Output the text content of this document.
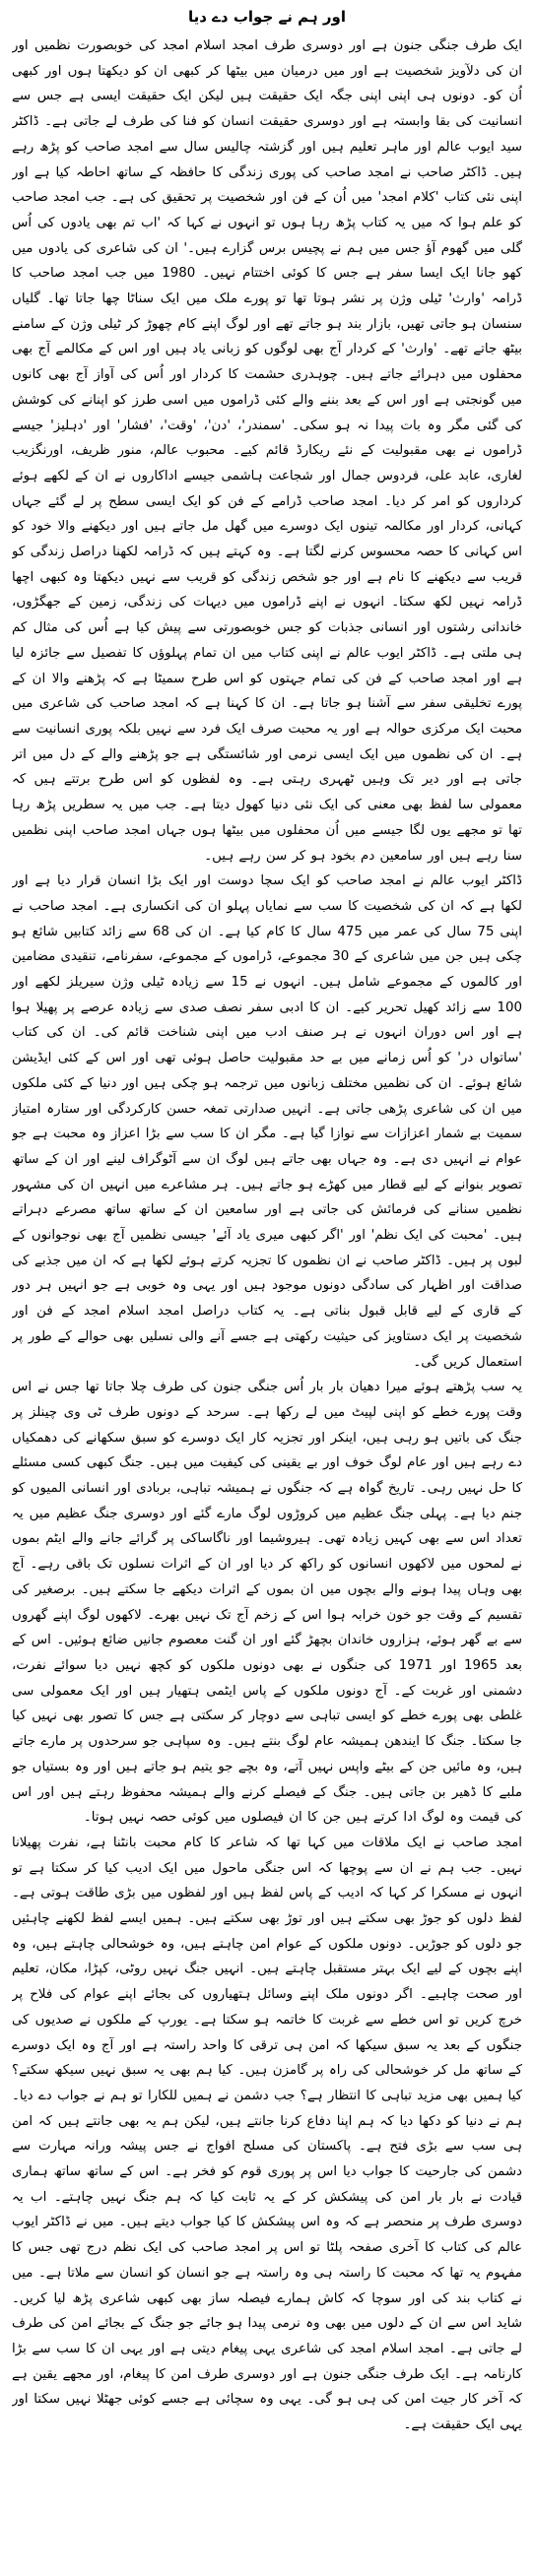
اور ہم نے جواب دے دیا

ایک طرف جنگی جنون ہے اور دوسری طرف امجد اسلام امجد کی خوبصورت نظمیں اور ان کی دلآویز شخصیت ہے اور میں درمیان میں بیٹھا کر کبھی ان کو دیکھتا ہوں اور کبھی اُن کو۔ دونوں ہی اپنی اپنی جگہ ایک حقیقت ہیں لیکن ایک حقیقت ایسی ہے جس سے انسانیت کی بقا وابستہ ہے اور دوسری حقیقت انسان کو فنا کی طرف لے جاتی ہے۔ ڈاکٹر سید ایوب عالم اور ماہر تعلیم ہیں اور گزشتہ چالیس سال سے امجد صاحب کو پڑھ رہے ہیں۔ ڈاکٹر صاحب نے امجد صاحب کی پوری زندگی کا حافظہ کے ساتھ احاطہ کیا ہے اور اپنی نئی کتاب 'کلام امجد' میں اُن کے فن اور شخصیت پر تحقیق کی ہے۔ جب امجد صاحب کو علم ہوا کہ میں یہ کتاب پڑھ رہا ہوں تو انہوں نے کہا کہ 'اب تم بھی یادوں کی اُس گلی میں گھوم آؤ جس میں ہم نے پچیس برس گزارے ہیں۔' ان کی شاعری کی یادوں میں کھو جانا ایک ایسا سفر ہے جس کا کوئی اختتام نہیں۔ 1980 میں جب امجد صاحب کا ڈرامہ 'وارث' ٹیلی وژن پر نشر ہوتا تھا تو پورے ملک میں ایک سناٹا چھا جاتا تھا۔ گلیاں سنسان ہو جاتی تھیں، بازار بند ہو جاتے تھے اور لوگ اپنے کام چھوڑ کر ٹیلی وژن کے سامنے بیٹھ جاتے تھے۔ 'وارث' کے کردار آج بھی لوگوں کو زبانی یاد ہیں اور اس کے مکالمے آج بھی محفلوں میں دہرائے جاتے ہیں۔ چوہدری حشمت کا کردار اور اُس کی آواز آج بھی کانوں میں گونجتی ہے اور اس کے بعد بننے والے کئی ڈراموں میں اسی طرز کو اپنانے کی کوشش کی گئی مگر وہ بات پیدا نہ ہو سکی۔ 'سمندر'، 'دن'، 'وقت'، 'فشار' اور 'دہلیز' جیسے ڈراموں نے بھی مقبولیت کے نئے ریکارڈ قائم کیے۔ محبوب عالم، منور ظریف، اورنگزیب لغاری، عابد علی، فردوس جمال اور شجاعت ہاشمی جیسے اداکاروں نے ان کے لکھے ہوئے کرداروں کو امر کر دیا۔ امجد صاحب ڈرامے کے فن کو ایک ایسی سطح پر لے گئے جہاں کہانی، کردار اور مکالمہ تینوں ایک دوسرے میں گھل مل جاتے ہیں اور دیکھنے والا خود کو اس کہانی کا حصہ محسوس کرنے لگتا ہے۔ وہ کہتے ہیں کہ ڈرامہ لکھنا دراصل زندگی کو قریب سے دیکھنے کا نام ہے اور جو شخص زندگی کو قریب سے نہیں دیکھتا وہ کبھی اچھا ڈرامہ نہیں لکھ سکتا۔ انہوں نے اپنے ڈراموں میں دیہات کی زندگی، زمین کے جھگڑوں، خاندانی رشتوں اور انسانی جذبات کو جس خوبصورتی سے پیش کیا ہے اُس کی مثال کم ہی ملتی ہے۔ ڈاکٹر ایوب عالم نے اپنی کتاب میں ان تمام پہلوؤں کا تفصیل سے جائزہ لیا ہے اور امجد صاحب کے فن کی تمام جہتوں کو اس طرح سمیٹا ہے کہ پڑھنے والا ان کے پورے تخلیقی سفر سے آشنا ہو جاتا ہے۔ ان کا کہنا ہے کہ امجد صاحب کی شاعری میں محبت ایک مرکزی حوالہ ہے اور یہ محبت صرف ایک فرد سے نہیں بلکہ پوری انسانیت سے ہے۔ ان کی نظموں میں ایک ایسی نرمی اور شائستگی ہے جو پڑھنے والے کے دل میں اتر جاتی ہے اور دیر تک وہیں ٹھہری رہتی ہے۔ وہ لفظوں کو اس طرح برتتے ہیں کہ معمولی سا لفظ بھی معنی کی ایک نئی دنیا کھول دیتا ہے۔ جب میں یہ سطریں پڑھ رہا تھا تو مجھے یوں لگا جیسے میں اُن محفلوں میں بیٹھا ہوں جہاں امجد صاحب اپنی نظمیں سنا رہے ہیں اور سامعین دم بخود ہو کر سن رہے ہیں۔

ڈاکٹر ایوب عالم نے امجد صاحب کو ایک سچا دوست اور ایک بڑا انسان قرار دیا ہے اور لکھا ہے کہ ان کی شخصیت کا سب سے نمایاں پہلو ان کی انکساری ہے۔ امجد صاحب نے اپنی 75 سال کی عمر میں 475 سال کا کام کیا ہے۔ ان کی 68 سے زائد کتابیں شائع ہو چکی ہیں جن میں شاعری کے 30 مجموعے، ڈراموں کے مجموعے، سفرنامے، تنقیدی مضامین اور کالموں کے مجموعے شامل ہیں۔ انہوں نے 15 سے زیادہ ٹیلی وژن سیریلز لکھے اور 100 سے زائد کھیل تحریر کیے۔ ان کا ادبی سفر نصف صدی سے زیادہ عرصے پر پھیلا ہوا ہے اور اس دوران انہوں نے ہر صنف ادب میں اپنی شناخت قائم کی۔ ان کی کتاب 'ساتواں در' کو اُس زمانے میں بے حد مقبولیت حاصل ہوئی تھی اور اس کے کئی ایڈیشن شائع ہوئے۔ ان کی نظمیں مختلف زبانوں میں ترجمہ ہو چکی ہیں اور دنیا کے کئی ملکوں میں ان کی شاعری پڑھی جاتی ہے۔ انہیں صدارتی تمغہ حسن کارکردگی اور ستارہ امتیاز سمیت بے شمار اعزازات سے نوازا گیا ہے۔ مگر ان کا سب سے بڑا اعزاز وہ محبت ہے جو عوام نے انہیں دی ہے۔ وہ جہاں بھی جاتے ہیں لوگ ان سے آٹوگراف لینے اور ان کے ساتھ تصویر بنوانے کے لیے قطار میں کھڑے ہو جاتے ہیں۔ ہر مشاعرے میں انہیں ان کی مشہور نظمیں سنانے کی فرمائش کی جاتی ہے اور سامعین ان کے ساتھ ساتھ مصرعے دہراتے ہیں۔ 'محبت کی ایک نظم' اور 'اگر کبھی میری یاد آئے' جیسی نظمیں آج بھی نوجوانوں کے لبوں پر ہیں۔ ڈاکٹر صاحب نے ان نظموں کا تجزیہ کرتے ہوئے لکھا ہے کہ ان میں جذبے کی صداقت اور اظہار کی سادگی دونوں موجود ہیں اور یہی وہ خوبی ہے جو انہیں ہر دور کے قاری کے لیے قابل قبول بناتی ہے۔ یہ کتاب دراصل امجد اسلام امجد کے فن اور شخصیت پر ایک دستاویز کی حیثیت رکھتی ہے جسے آنے والی نسلیں بھی حوالے کے طور پر استعمال کریں گی۔

یہ سب پڑھتے ہوئے میرا دھیان بار بار اُس جنگی جنون کی طرف چلا جاتا تھا جس نے اس وقت پورے خطے کو اپنی لپیٹ میں لے رکھا ہے۔ سرحد کے دونوں طرف ٹی وی چینلز پر جنگ کی باتیں ہو رہی ہیں، اینکر اور تجزیہ کار ایک دوسرے کو سبق سکھانے کی دھمکیاں دے رہے ہیں اور عام لوگ خوف اور بے یقینی کی کیفیت میں ہیں۔ جنگ کبھی کسی مسئلے کا حل نہیں رہی۔ تاریخ گواہ ہے کہ جنگوں نے ہمیشہ تباہی، بربادی اور انسانی المیوں کو جنم دیا ہے۔ پہلی جنگ عظیم میں کروڑوں لوگ مارے گئے اور دوسری جنگ عظیم میں یہ تعداد اس سے بھی کہیں زیادہ تھی۔ ہیروشیما اور ناگاساکی پر گرائے جانے والے ایٹم بموں نے لمحوں میں لاکھوں انسانوں کو راکھ کر دیا اور ان کے اثرات نسلوں تک باقی رہے۔ آج بھی وہاں پیدا ہونے والے بچوں میں ان بموں کے اثرات دیکھے جا سکتے ہیں۔ برصغیر کی تقسیم کے وقت جو خون خرابہ ہوا اس کے زخم آج تک نہیں بھرے۔ لاکھوں لوگ اپنے گھروں سے بے گھر ہوئے، ہزاروں خاندان بچھڑ گئے اور ان گنت معصوم جانیں ضائع ہوئیں۔ اس کے بعد 1965 اور 1971 کی جنگوں نے بھی دونوں ملکوں کو کچھ نہیں دیا سوائے نفرت، دشمنی اور غربت کے۔ آج دونوں ملکوں کے پاس ایٹمی ہتھیار ہیں اور ایک معمولی سی غلطی بھی پورے خطے کو ایسی تباہی سے دوچار کر سکتی ہے جس کا تصور بھی نہیں کیا جا سکتا۔ جنگ کا ایندھن ہمیشہ عام لوگ بنتے ہیں۔ وہ سپاہی جو سرحدوں پر مارے جاتے ہیں، وہ مائیں جن کے بیٹے واپس نہیں آتے، وہ بچے جو یتیم ہو جاتے ہیں اور وہ بستیاں جو ملبے کا ڈھیر بن جاتی ہیں۔ جنگ کے فیصلے کرنے والے ہمیشہ محفوظ رہتے ہیں اور اس کی قیمت وہ لوگ ادا کرتے ہیں جن کا ان فیصلوں میں کوئی حصہ نہیں ہوتا۔

امجد صاحب نے ایک ملاقات میں کہا تھا کہ شاعر کا کام محبت بانٹنا ہے، نفرت پھیلانا نہیں۔ جب ہم نے ان سے پوچھا کہ اس جنگی ماحول میں ایک ادیب کیا کر سکتا ہے تو انہوں نے مسکرا کر کہا کہ ادیب کے پاس لفظ ہیں اور لفظوں میں بڑی طاقت ہوتی ہے۔ لفظ دلوں کو جوڑ بھی سکتے ہیں اور توڑ بھی سکتے ہیں۔ ہمیں ایسے لفظ لکھنے چاہئیں جو دلوں کو جوڑیں۔ دونوں ملکوں کے عوام امن چاہتے ہیں، وہ خوشحالی چاہتے ہیں، وہ اپنے بچوں کے لیے ایک بہتر مستقبل چاہتے ہیں۔ انہیں جنگ نہیں روٹی، کپڑا، مکان، تعلیم اور صحت چاہیے۔ اگر دونوں ملک اپنے وسائل ہتھیاروں کی بجائے اپنے عوام کی فلاح پر خرچ کریں تو اس خطے سے غربت کا خاتمہ ہو سکتا ہے۔ یورپ کے ملکوں نے صدیوں کی جنگوں کے بعد یہ سبق سیکھا کہ امن ہی ترقی کا واحد راستہ ہے اور آج وہ ایک دوسرے کے ساتھ مل کر خوشحالی کی راہ پر گامزن ہیں۔ کیا ہم بھی یہ سبق نہیں سیکھ سکتے؟ کیا ہمیں بھی مزید تباہی کا انتظار ہے؟ جب دشمن نے ہمیں للکارا تو ہم نے جواب دے دیا۔ ہم نے دنیا کو دکھا دیا کہ ہم اپنا دفاع کرنا جانتے ہیں، لیکن ہم یہ بھی جانتے ہیں کہ امن ہی سب سے بڑی فتح ہے۔ پاکستان کی مسلح افواج نے جس پیشہ ورانہ مہارت سے دشمن کی جارحیت کا جواب دیا اس پر پوری قوم کو فخر ہے۔ اس کے ساتھ ساتھ ہماری قیادت نے بار بار امن کی پیشکش کر کے یہ ثابت کیا کہ ہم جنگ نہیں چاہتے۔ اب یہ دوسری طرف پر منحصر ہے کہ وہ اس پیشکش کا کیا جواب دیتے ہیں۔ میں نے ڈاکٹر ایوب عالم کی کتاب کا آخری صفحہ پلٹا تو اس پر امجد صاحب کی ایک نظم درج تھی جس کا مفہوم یہ تھا کہ محبت کا راستہ ہی وہ راستہ ہے جو انسان کو انسان سے ملاتا ہے۔ میں نے کتاب بند کی اور سوچا کہ کاش ہمارے فیصلہ ساز بھی کبھی شاعری پڑھ لیا کریں۔ شاید اس سے ان کے دلوں میں بھی وہ نرمی پیدا ہو جائے جو جنگ کے بجائے امن کی طرف لے جاتی ہے۔ امجد اسلام امجد کی شاعری یہی پیغام دیتی ہے اور یہی ان کا سب سے بڑا کارنامہ ہے۔ ایک طرف جنگی جنون ہے اور دوسری طرف امن کا پیغام، اور مجھے یقین ہے کہ آخر کار جیت امن کی ہی ہو گی۔ یہی وہ سچائی ہے جسے کوئی جھٹلا نہیں سکتا اور یہی ایک حقیقت ہے۔
